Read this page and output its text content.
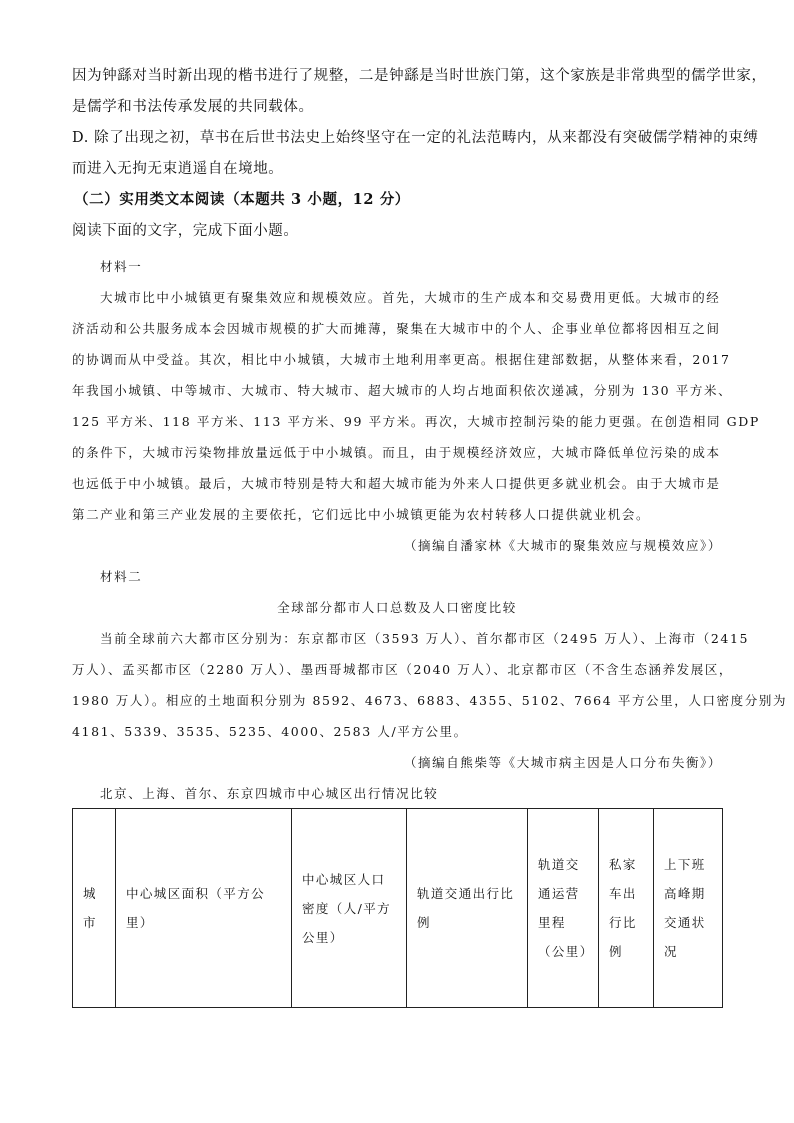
因为钟繇对当时新出现的楷书进行了规整，二是钟繇是当时世族门第，这个家族是非常典型的儒学世家，
是儒学和书法传承发展的共同载体。
D. 除了出现之初，草书在后世书法史上始终坚守在一定的礼法范畴内，从来都没有突破儒学精神的束缚
而进入无拘无束逍遥自在境地。
（二）实用类文本阅读（本题共 3 小题，12 分）
阅读下面的文字，完成下面小题。
材料一
大城市比中小城镇更有聚集效应和规模效应。首先，大城市的生产成本和交易费用更低。大城市的经
济活动和公共服务成本会因城市规模的扩大而摊薄，聚集在大城市中的个人、企事业单位都将因相互之间
的协调而从中受益。其次，相比中小城镇，大城市土地利用率更高。根据住建部数据，从整体来看，2017
年我国小城镇、中等城市、大城市、特大城市、超大城市的人均占地面积依次递减，分别为 130 平方米、
125 平方米、118 平方米、113 平方米、99 平方米。再次，大城市控制污染的能力更强。在创造相同 GDP
的条件下，大城市污染物排放量远低于中小城镇。而且，由于规模经济效应，大城市降低单位污染的成本
也远低于中小城镇。最后，大城市特别是特大和超大城市能为外来人口提供更多就业机会。由于大城市是
第二产业和第三产业发展的主要依托，它们远比中小城镇更能为农村转移人口提供就业机会。
（摘编自潘家林《大城市的聚集效应与规模效应》）
材料二
全球部分都市人口总数及人口密度比较
当前全球前六大都市区分别为：东京都市区（3593 万人）、首尔都市区（2495 万人）、上海市（2415
万人）、孟买都市区（2280 万人）、墨西哥城都市区（2040 万人）、北京都市区（不含生态涵养发展区，
1980 万人）。相应的土地面积分别为 8592、4673、6883、4355、5102、7664 平方公里，人口密度分别为
4181、5339、3535、5235、4000、2583 人/平方公里。
（摘编自熊柴等《大城市病主因是人口分布失衡》）
北京、上海、首尔、东京四城市中心城区出行情况比较
城市	中心城区面积（平方公里）	中心城区人口密度（人/平方公里）	轨道交通出行比例	轨道交通运营里程（公里）	私家车出行比例	上下班高峰期交通状况
